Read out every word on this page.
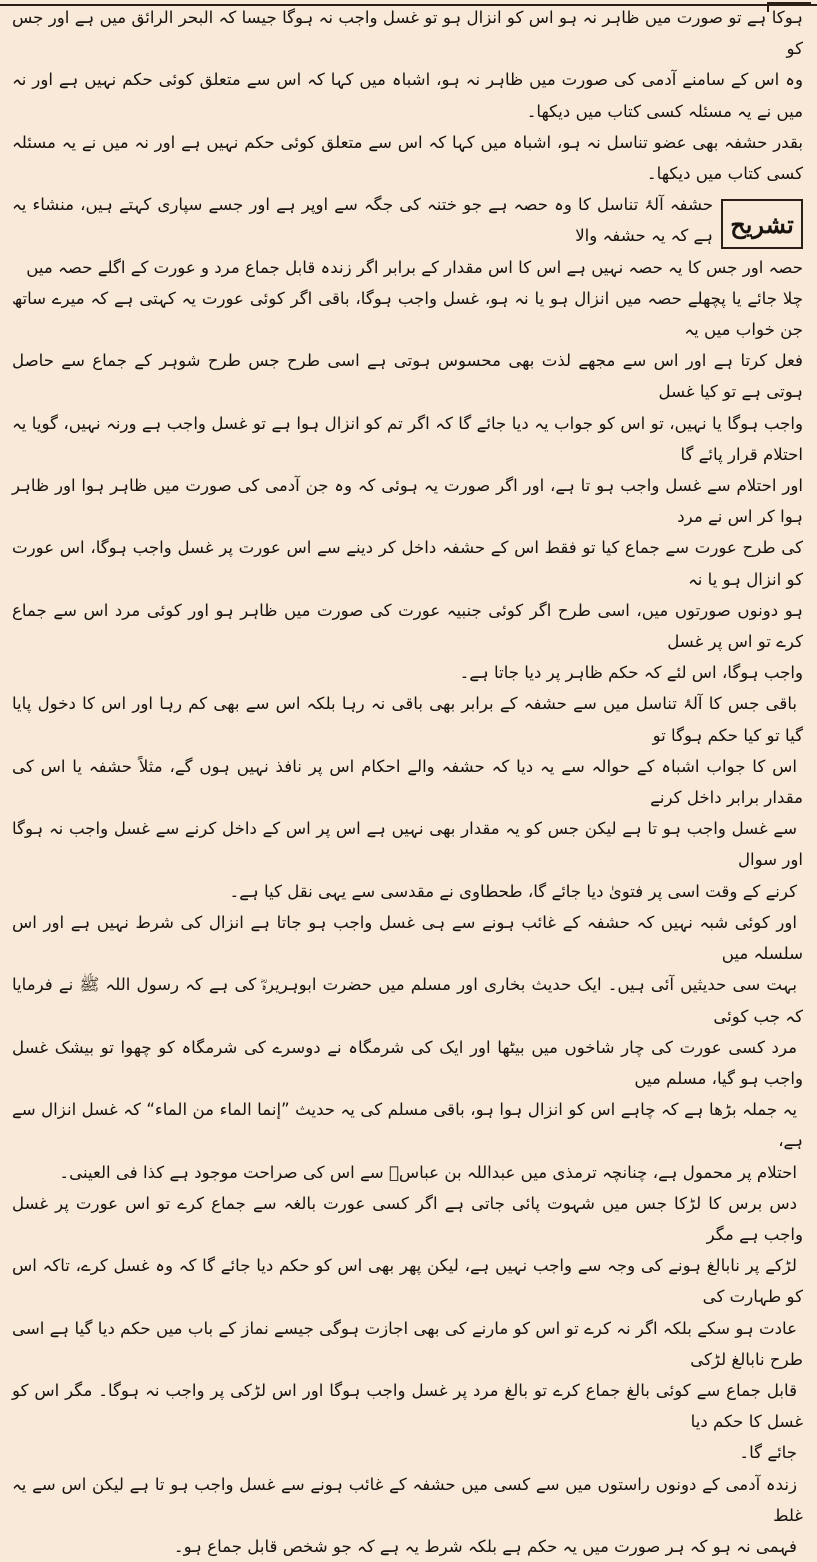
ہوکا ہے تو صورت میں ظاہر نہ ہو اس کو انزال ہو تو غسل واجب نہ ہوگا جیسا کہ البحر الرائق میں ہے اور جس کو
وہ اس کے سامنے آدمی کی صورت میں ظاہر نہ ہو، اشباہ میں کہا کہ اس سے متعلق کوئی حکم نہیں ہے اور نہ میں نے یہ مسئلہ کسی کتاب میں دیکھا۔
بقدر حشفہ بھی عضو تناسل نہ ہو، اشباہ میں کہا کہ اس سے متعلق کوئی حکم نہیں ہے اور نہ میں نے یہ مسئلہ کسی کتاب میں دیکھا۔

تشریح

حشفہ آلۂ تناسل کا وہ حصہ ہے جو ختنہ کی جگہ سے اوپر ہے اور جسے سپاری کہتے ہیں، منشاء یہ ہے کہ یہ حشفہ والا
حصہ اور جس کا یہ حصہ نہیں ہے اس کا اس مقدار کے برابر اگر زندہ قابل جماع مرد و عورت کے اگلے حصہ میں
چلا جائے یا پچھلے حصہ میں انزال ہو یا نہ ہو، غسل واجب ہوگا، باقی اگر کوئی عورت یہ کہتی ہے کہ میرے ساتھ جن خواب میں یہ
فعل کرتا ہے اور اس سے مجھے لذت بھی محسوس ہوتی ہے اسی طرح جس طرح شوہر کے جماع سے حاصل ہوتی ہے تو کیا غسل
واجب ہوگا یا نہیں، تو اس کو جواب یہ دیا جائے گا کہ اگر تم کو انزال ہوا ہے تو غسل واجب ہے ورنہ نہیں، گویا یہ احتلام قرار پائے گا
اور احتلام سے غسل واجب ہو تا ہے، اور اگر صورت یہ ہوئی کہ وہ جن آدمی کی صورت میں ظاہر ہوا اور ظاہر ہوا کر اس نے مرد
کی طرح عورت سے جماع کیا تو فقط اس کے حشفہ داخل کر دینے سے اس عورت پر غسل واجب ہوگا، اس عورت کو انزال ہو یا نہ
ہو دونوں صورتوں میں، اسی طرح اگر کوئی جنبیہ عورت کی صورت میں ظاہر ہو اور کوئی مرد اس سے جماع کرے تو اس پر غسل
واجب ہوگا، اس لئے کہ حکم ظاہر پر دیا جاتا ہے۔

باقی جس کا آلۂ تناسل میں سے حشفہ کے برابر بھی باقی نہ رہا بلکہ اس سے بھی کم رہا اور اس کا دخول پایا گیا تو کیا حکم ہوگا تو
اس کا جواب اشباہ کے حوالہ سے یہ دیا کہ حشفہ والے احکام اس پر نافذ نہیں ہوں گے، مثلاً حشفہ یا اس کی مقدار برابر داخل کرنے
سے غسل واجب ہو تا ہے لیکن جس کو یہ مقدار بھی نہیں ہے اس پر اس کے داخل کرنے سے غسل واجب نہ ہوگا اور سوال
کرنے کے وقت اسی پر فتویٰ دیا جائے گا، طحطاوی نے مقدسی سے یہی نقل کیا ہے۔

اور کوئی شبہ نہیں کہ حشفہ کے غائب ہونے سے ہی غسل واجب ہو جاتا ہے انزال کی شرط نہیں ہے اور اس سلسلہ میں
بہت سی حدیثیں آئی ہیں۔ ایک حدیث بخاری اور مسلم میں حضرت ابوہریرہؓ کی ہے کہ رسول اللہ ﷺ نے فرمایا کہ جب کوئی
مرد کسی عورت کی چار شاخوں میں بیٹھا اور ایک کی شرمگاہ نے دوسرے کی شرمگاہ کو چھوا تو بیشک غسل واجب ہو گیا، مسلم میں
یہ جملہ بڑھا ہے کہ چاہے اس کو انزال ہوا ہو، باقی مسلم کی یہ حدیث ”إنما الماء من الماء“ کہ غسل انزال سے ہے،
احتلام پر محمول ہے، چنانچہ ترمذی میں عبداللہ بن عباسؓ سے اس کی صراحت موجود ہے کذا فی العینی۔

دس برس کا لڑکا جس میں شہوت پائی جاتی ہے اگر کسی عورت بالغہ سے جماع کرے تو اس عورت پر غسل واجب ہے مگر
لڑکے پر نابالغ ہونے کی وجہ سے واجب نہیں ہے، لیکن پھر بھی اس کو حکم دیا جائے گا کہ وہ غسل کرے، تاکہ اس کو طہارت کی
عادت ہو سکے بلکہ اگر نہ کرے تو اس کو مارنے کی بھی اجازت ہوگی جیسے نماز کے باب میں حکم دیا گیا ہے اسی طرح نابالغ لڑکی
قابل جماع سے کوئی بالغ جماع کرے تو بالغ مرد پر غسل واجب ہوگا اور اس لڑکی پر واجب نہ ہوگا۔ مگر اس کو غسل کا حکم دیا
جائے گا۔

زندہ آدمی کے دونوں راستوں میں سے کسی میں حشفہ کے غائب ہونے سے غسل واجب ہو تا ہے لیکن اس سے یہ غلط
فہمی نہ ہو کہ ہر صورت میں یہ حکم ہے بلکہ شرط یہ ہے کہ جو شخص قابل جماع ہو۔
